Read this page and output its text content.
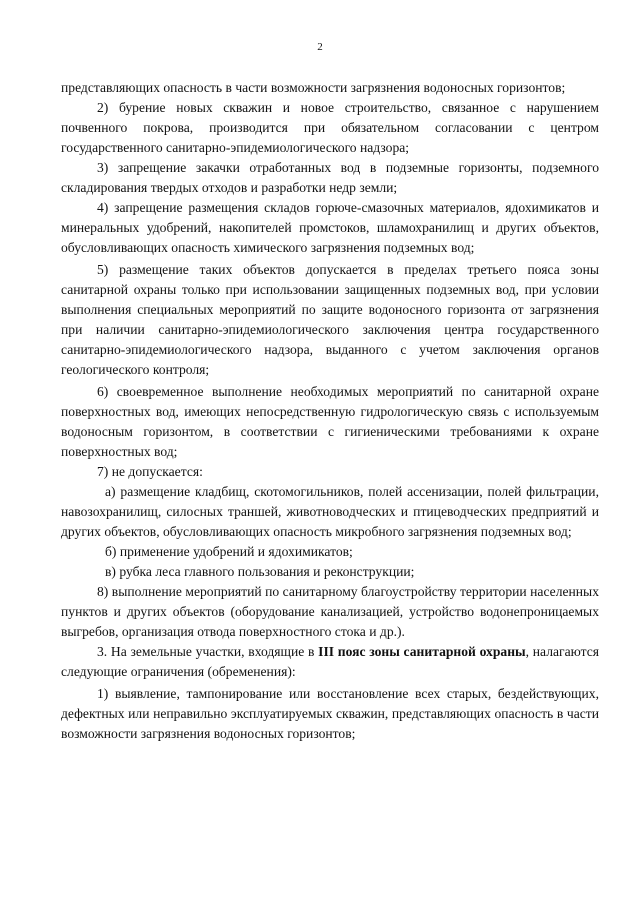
2

представляющих опасность в части возможности загрязнения водоносных горизонтов;

2) бурение новых скважин и новое строительство, связанное с нарушением почвенного покрова, производится при обязательном согласовании с центром государственного санитарно-эпидемиологического надзора;

3) запрещение закачки отработанных вод в подземные горизонты, подземного складирования твердых отходов и разработки недр земли;

4) запрещение размещения складов горюче-смазочных материалов, ядохимикатов и минеральных удобрений, накопителей промстоков, шламохранилищ и других объектов, обусловливающих опасность химического загрязнения подземных вод;

5) размещение таких объектов допускается в пределах третьего пояса зоны санитарной охраны только при использовании защищенных подземных вод, при условии выполнения специальных мероприятий по защите водоносного горизонта от загрязнения при наличии санитарно-эпидемиологического заключения центра государственного санитарно-эпидемиологического надзора, выданного с учетом заключения органов геологического контроля;

6) своевременное выполнение необходимых мероприятий по санитарной охране поверхностных вод, имеющих непосредственную гидрологическую связь с используемым водоносным горизонтом, в соответствии с гигиеническими требованиями к охране поверхностных вод;

7) не допускается:

а) размещение кладбищ, скотомогильников, полей ассенизации, полей фильтрации, навозохранилищ, силосных траншей, животноводческих и птицеводческих предприятий и других объектов, обусловливающих опасность микробного загрязнения подземных вод;

б) применение удобрений и ядохимикатов;

в) рубка леса главного пользования и реконструкции;

8) выполнение мероприятий по санитарному благоустройству территории населенных пунктов и других объектов (оборудование канализацией, устройство водонепроницаемых выгребов, организация отвода поверхностного стока и др.).

3. На земельные участки, входящие в III пояс зоны санитарной охраны, налагаются следующие ограничения (обременения):

1) выявление, тампонирование или восстановление всех старых, бездействующих, дефектных или неправильно эксплуатируемых скважин, представляющих опасность в части возможности загрязнения водоносных горизонтов;
